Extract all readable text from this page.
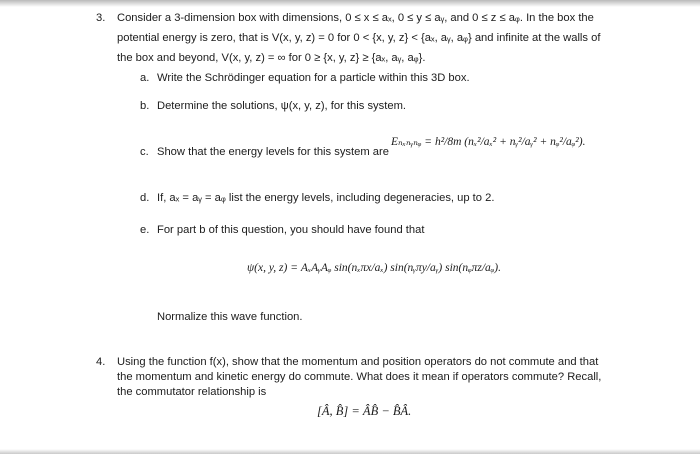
3. Consider a 3-dimension box with dimensions, 0 ≤ x ≤ aₓ, 0 ≤ y ≤ aᵧ, and 0 ≤ z ≤ aᵩ. In the box the
potential energy is zero, that is V(x, y, z) = 0 for 0 < {x, y, z} < {aₓ, aᵧ, aᵩ} and infinite at the walls of
the box and beyond, V(x, y, z) = ∞ for 0 ≥ {x, y, z} ≥ {aₓ, aᵧ, aᵩ}.
a. Write the Schrödinger equation for a particle within this 3D box.
b. Determine the solutions, ψ(x, y, z), for this system.
c. Show that the energy levels for this system are
Eₙₓₙᵧₙᵩ = h²/8m (nₓ²/aₓ² + nᵧ²/aᵧ² + nᵩ²/aᵩ²).
d. If, aₓ = aᵧ = aᵩ list the energy levels, including degeneracies, up to 2.
e. For part b of this question, you should have found that
ψ(x, y, z) = AₓAᵧAᵩ sin(nₓπx/aₓ) sin(nᵧπy/aᵧ) sin(nᵩπz/aᵩ).
Normalize this wave function.
4. Using the function f(x), show that the momentum and position operators do not commute and that
the momentum and kinetic energy do commute. What does it mean if operators commute? Recall,
the commutator relationship is
[Â, B̂] = ÂB̂ − B̂Â.
